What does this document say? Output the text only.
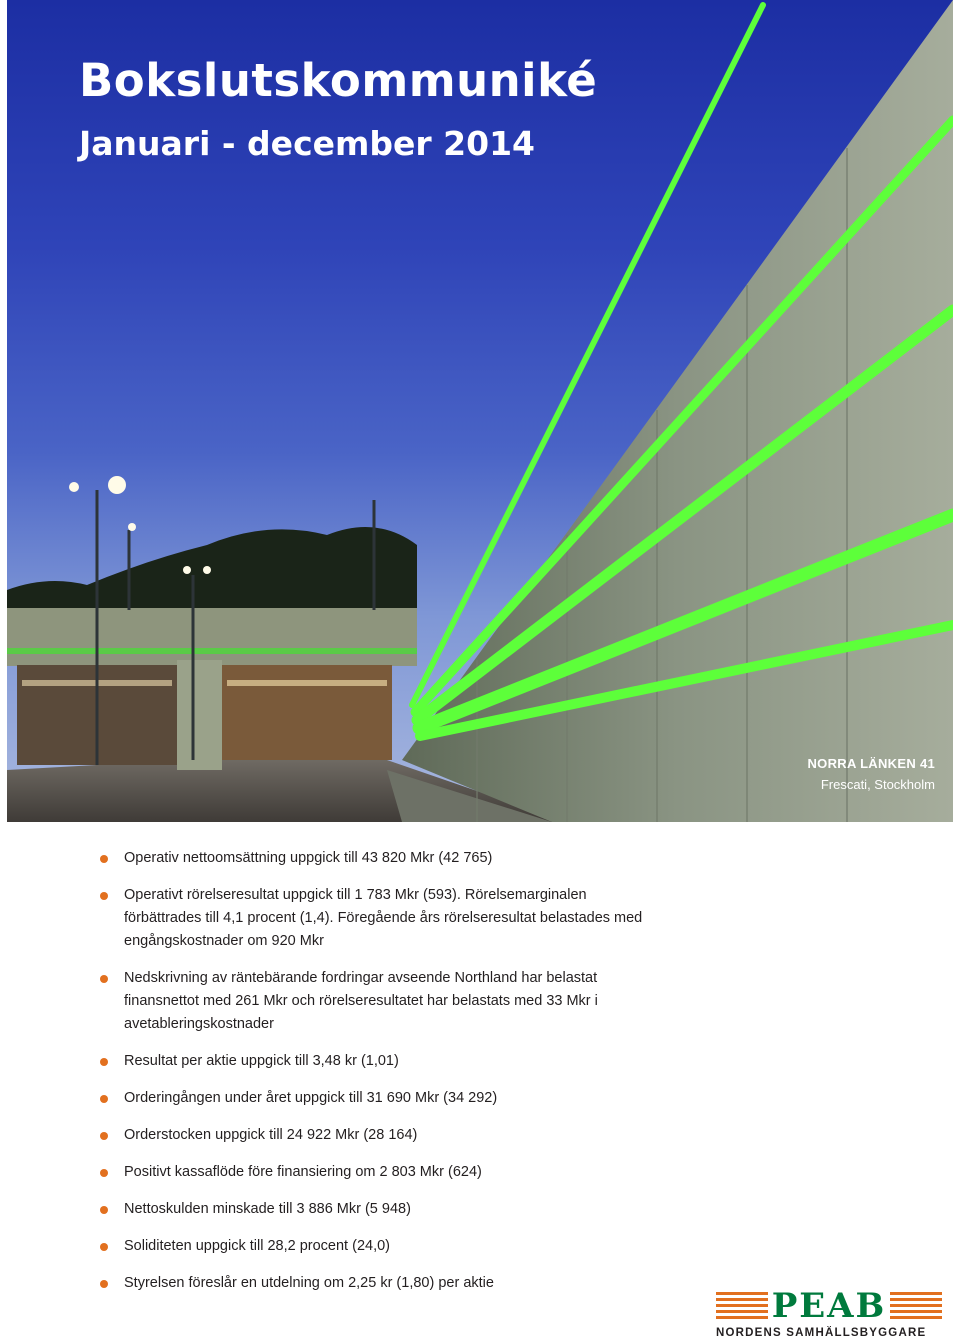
Bokslutskommuniké
Januari - december 2014
NORRA LÄNKEN 41
Frescati, Stockholm
Operativ nettoomsättning uppgick till 43 820 Mkr (42 765)
Operativt rörelseresultat uppgick till 1 783 Mkr (593). Rörelsemarginalen förbättrades till 4,1 procent (1,4). Föregående års rörelseresultat belastades med engångskostnader om 920 Mkr
Nedskrivning av räntebärande fordringar avseende Northland har belastat finansnettot med 261 Mkr och rörelseresultatet har belastats med 33 Mkr i avetableringskostnader
Resultat per aktie uppgick till 3,48 kr (1,01)
Orderingången under året uppgick till 31 690 Mkr (34 292)
Orderstocken uppgick till 24 922 Mkr (28 164)
Positivt kassaflöde före finansiering om 2 803 Mkr (624)
Nettoskulden minskade till 3 886 Mkr (5 948)
Soliditeten uppgick till 28,2 procent (24,0)
Styrelsen föreslår en utdelning om 2,25 kr (1,80) per aktie
PEAB
NORDENS SAMHÄLLSBYGGARE
